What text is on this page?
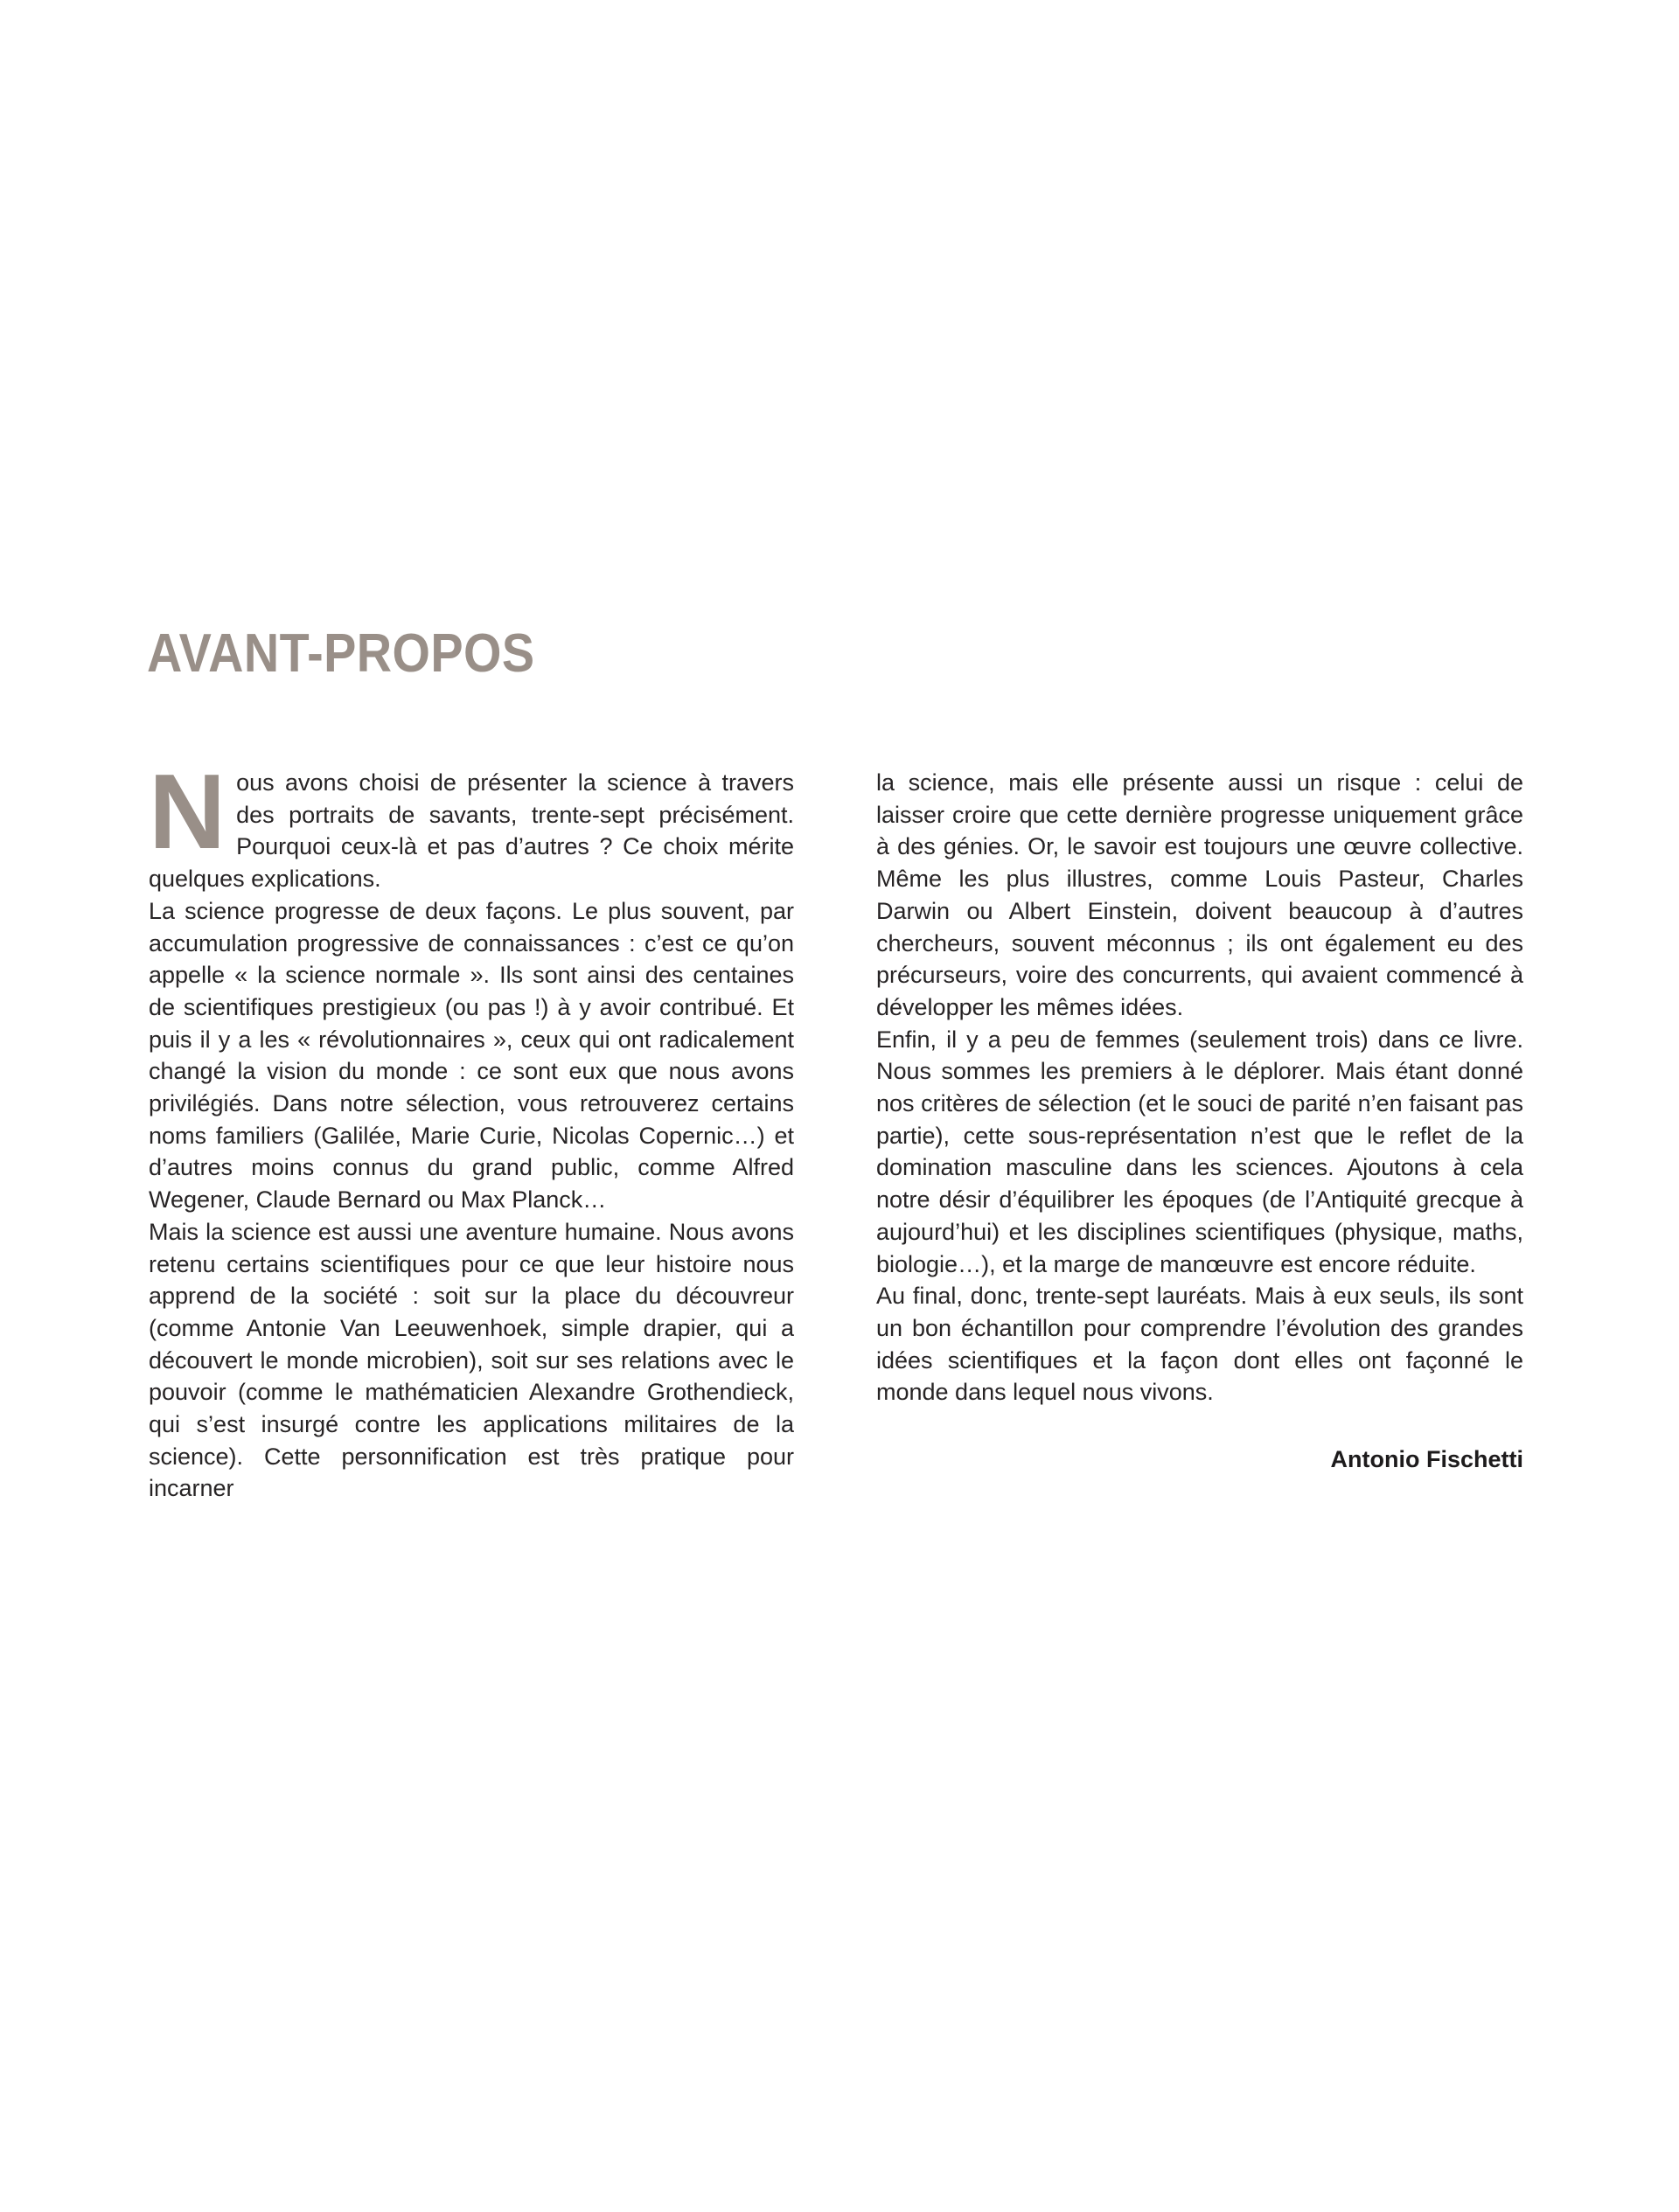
AVANT-PROPOS

Nous avons choisi de présenter la science à travers des portraits de savants, trente-sept précisément. Pourquoi ceux-là et pas d’autres ? Ce choix mérite quelques explications.

La science progresse de deux façons. Le plus souvent, par accumulation progressive de connaissances : c’est ce qu’on appelle « la science normale ». Ils sont ainsi des centaines de scientifiques prestigieux (ou pas !) à y avoir contribué. Et puis il y a les « révolutionnaires », ceux qui ont radicalement changé la vision du monde : ce sont eux que nous avons privilégiés. Dans notre sélection, vous retrouverez certains noms familiers (Galilée, Marie Curie, Nicolas Copernic…) et d’autres moins connus du grand public, comme Alfred Wegener, Claude Bernard ou Max Planck…

Mais la science est aussi une aventure humaine. Nous avons retenu certains scientifiques pour ce que leur histoire nous apprend de la société : soit sur la place du découvreur (comme Antonie Van Leeuwenhoek, simple drapier, qui a découvert le monde microbien), soit sur ses relations avec le pouvoir (comme le mathématicien Alexandre Grothendieck, qui s’est insurgé contre les applications militaires de la science). Cette personnification est très pratique pour incarner

la science, mais elle présente aussi un risque : celui de laisser croire que cette dernière progresse uniquement grâce à des génies. Or, le savoir est toujours une œuvre collective. Même les plus illustres, comme Louis Pasteur, Charles Darwin ou Albert Einstein, doivent beaucoup à d’autres chercheurs, souvent méconnus ; ils ont également eu des précurseurs, voire des concurrents, qui avaient commencé à développer les mêmes idées.

Enfin, il y a peu de femmes (seulement trois) dans ce livre. Nous sommes les premiers à le déplorer. Mais étant donné nos critères de sélection (et le souci de parité n’en faisant pas partie), cette sous-représentation n’est que le reflet de la domination masculine dans les sciences. Ajoutons à cela notre désir d’équilibrer les époques (de l’Antiquité grecque à aujourd’hui) et les disciplines scientifiques (physique, maths, biologie…), et la marge de manœuvre est encore réduite.

Au final, donc, trente-sept lauréats. Mais à eux seuls, ils sont un bon échantillon pour comprendre l’évolution des grandes idées scientifiques et la façon dont elles ont façonné le monde dans lequel nous vivons.

Antonio Fischetti
